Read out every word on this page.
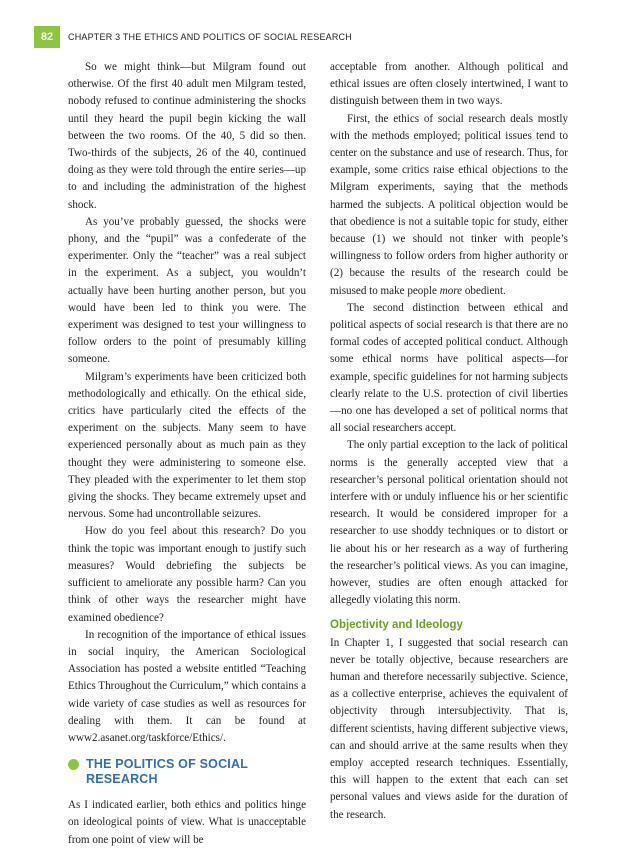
82	CHAPTER 3 THE ETHICS AND POLITICS OF SOCIAL RESEARCH

So we might think—but Milgram found out otherwise. Of the first 40 adult men Milgram tested, nobody refused to continue administering the shocks until they heard the pupil begin kicking the wall between the two rooms. Of the 40, 5 did so then. Two-thirds of the subjects, 26 of the 40, continued doing as they were told through the entire series—up to and including the administration of the highest shock.

As you’ve probably guessed, the shocks were phony, and the “pupil” was a confederate of the experimenter. Only the “teacher” was a real subject in the experiment. As a subject, you wouldn’t actually have been hurting another person, but you would have been led to think you were. The experiment was designed to test your willingness to follow orders to the point of presumably killing someone.

Milgram’s experiments have been criticized both methodologically and ethically. On the ethical side, critics have particularly cited the effects of the experiment on the subjects. Many seem to have experienced personally about as much pain as they thought they were administering to someone else. They pleaded with the experimenter to let them stop giving the shocks. They became extremely upset and nervous. Some had uncontrollable seizures.

How do you feel about this research? Do you think the topic was important enough to justify such measures? Would debriefing the subjects be sufficient to ameliorate any possible harm? Can you think of other ways the researcher might have examined obedience?

In recognition of the importance of ethical issues in social inquiry, the American Sociological Association has posted a website entitled “Teaching Ethics Throughout the Curriculum,” which contains a wide variety of case studies as well as resources for dealing with them. It can be found at www2.asanet.org/taskforce/Ethics/.

THE POLITICS OF SOCIAL RESEARCH

As I indicated earlier, both ethics and politics hinge on ideological points of view. What is unacceptable from one point of view will be

acceptable from another. Although political and ethical issues are often closely intertwined, I want to distinguish between them in two ways.

First, the ethics of social research deals mostly with the methods employed; political issues tend to center on the substance and use of research. Thus, for example, some critics raise ethical objections to the Milgram experiments, saying that the methods harmed the subjects. A political objection would be that obedience is not a suitable topic for study, either because (1) we should not tinker with people’s willingness to follow orders from higher authority or (2) because the results of the research could be misused to make people more obedient.

The second distinction between ethical and political aspects of social research is that there are no formal codes of accepted political conduct. Although some ethical norms have political aspects—for example, specific guidelines for not harming subjects clearly relate to the U.S. protection of civil liberties—no one has developed a set of political norms that all social researchers accept.

The only partial exception to the lack of political norms is the generally accepted view that a researcher’s personal political orientation should not interfere with or unduly influence his or her scientific research. It would be considered improper for a researcher to use shoddy techniques or to distort or lie about his or her research as a way of furthering the researcher’s political views. As you can imagine, however, studies are often enough attacked for allegedly violating this norm.

Objectivity and Ideology

In Chapter 1, I suggested that social research can never be totally objective, because researchers are human and therefore necessarily subjective. Science, as a collective enterprise, achieves the equivalent of objectivity through intersubjectivity. That is, different scientists, having different subjective views, can and should arrive at the same results when they employ accepted research techniques. Essentially, this will happen to the extent that each can set personal values and views aside for the duration of the research.
